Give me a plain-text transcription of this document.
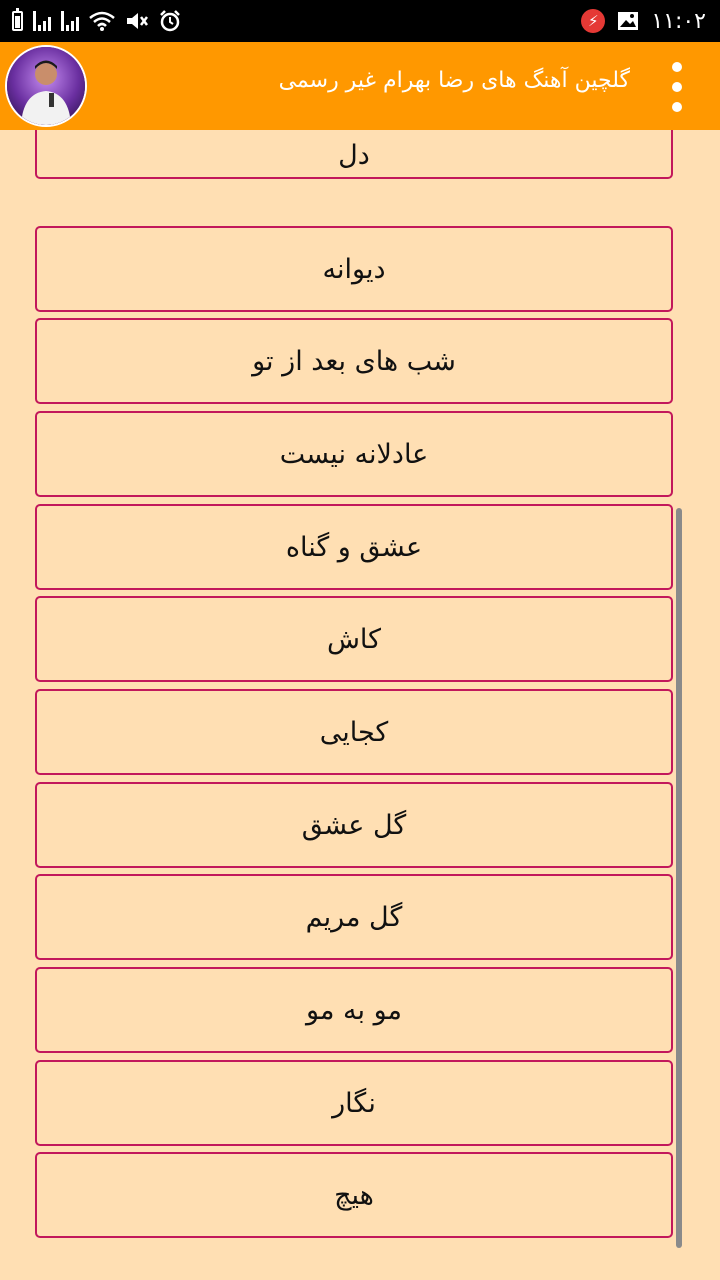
⚡	۱۱:۰۲
گلچین آهنگ های رضا بهرام غیر رسمی
دل
دیوانه
شب های بعد از تو
عادلانه نیست
عشق و گناه
کاش
کجایی
گل عشق
گل مریم
مو به مو
نگار
هیچ
